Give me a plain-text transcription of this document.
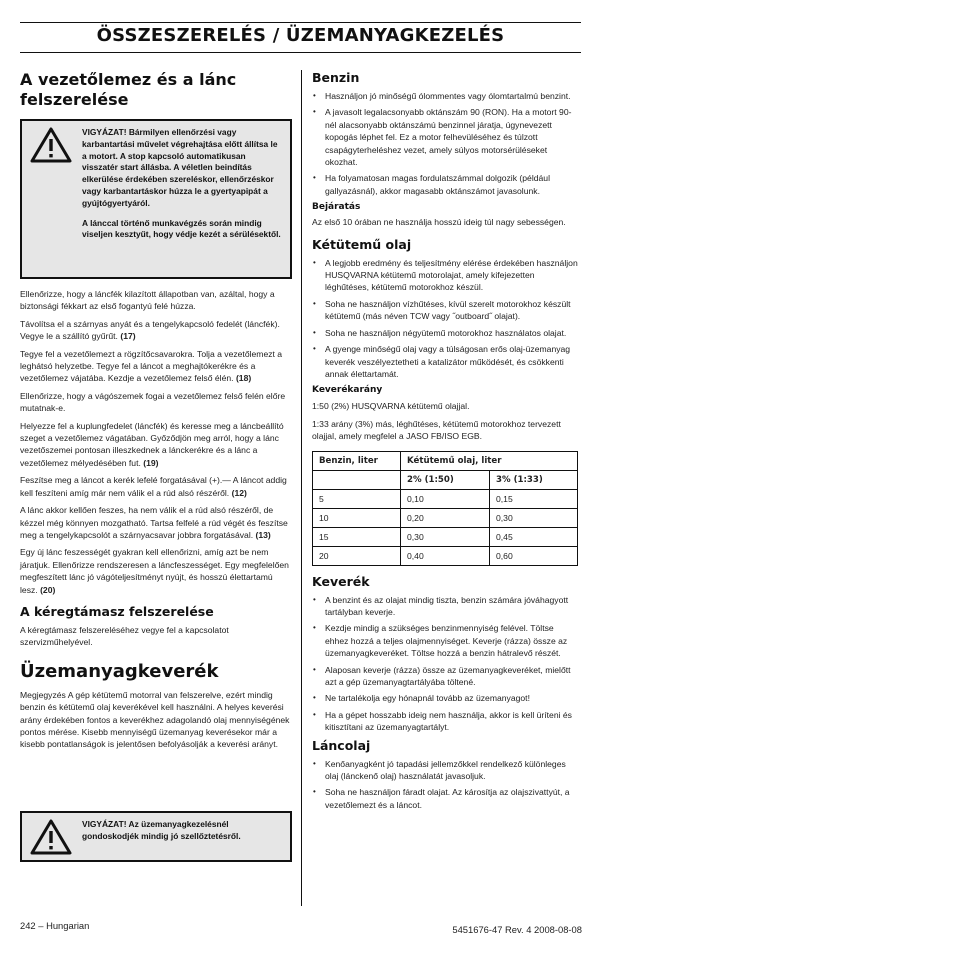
ÖSSZESZERELÉS / ÜZEMANYAGKEZELÉS
A vezetőlemez és a lánc felszerelése
VIGYÁZAT! Bármilyen ellenőrzési vagy karbantartási művelet végrehajtása előtt állítsa le a motort. A stop kapcsoló automatikusan visszatér start állásba. A véletlen beindítás elkerülése érdekében szereléskor, ellenőrzéskor vagy karbantartáskor húzza le a gyertyapipát a gyújtógyertyáról.
A lánccal történő munkavégzés során mindig viseljen kesztyűt, hogy védje kezét a sérülésektől.

Ellenőrizze, hogy a láncfék kilazított állapotban van, azáltal, hogy a biztonsági fékkart az első fogantyú felé húzza.

Távolítsa el a szárnyas anyát és a tengelykapcsoló fedelét (láncfék). Vegye le a szállító gyűrűt. (17)

Tegye fel a vezetőlemezt a rögzítőcsavarokra. Tolja a vezetőlemezt a leghátsó helyzetbe. Tegye fel a láncot a meghajtókerékre és a vezetőlemez vájatába. Kezdje a vezetőlemez felső élén. (18)

Ellenőrizze, hogy a vágószemek fogai a vezetőlemez felső felén előre mutatnak-e.

Helyezze fel a kuplungfedelet (láncfék) és keresse meg a láncbeállító szeget a vezetőlemez vágatában. Győződjön meg arról, hogy a lánc vezetőszemei pontosan illeszkednek a lánckerékre és a lánc a vezetőlemez mélyedésében fut. (19)

Feszítse meg a láncot a kerék lefelé forgatásával (+).— A láncot addig kell feszíteni amíg már nem válik el a rúd alsó részéről. (12)

A lánc akkor kellően feszes, ha nem válik el a rúd alsó részéről, de kézzel még könnyen mozgatható. Tartsa felfelé a rúd végét és feszítse meg a tengelykapcsolót a szárnyacsavar jobbra forgatásával. (13)

Egy új lánc feszességét gyakran kell ellenőrizni, amíg azt be nem járatjuk. Ellenőrizze rendszeresen a láncfeszességet. Egy megfelelően megfeszített lánc jó vágóteljesítményt nyújt, és hosszú élettartamú lesz. (20)

A kéregtámasz felszerelése

A kéregtámasz felszereléséhez vegye fel a kapcsolatot szervizműhelyével.

Üzemanyagkeverék

Megjegyzés A gép kétütemű motorral van felszerelve, ezért mindig benzin és kétütemű olaj keverékével kell használni. A helyes keverési arány érdekében fontos a keverékhez adagolandó olaj mennyiségének pontos mérése. Kisebb mennyiségű üzemanyag keverésekor már a kisebb pontatlanságok is jelentősen befolyásolják a keverési arányt.

VIGYÁZAT! Az üzemanyagkezelésnél gondoskodjék mindig jó szellőztetésről.
Benzin
• Használjon jó minőségű ólommentes vagy ólomtartalmú benzint.
• A javasolt legalacsonyabb oktánszám 90 (RON). Ha a motort 90-nél alacsonyabb oktánszámú benzinnel járatja, úgynevezett kopogás léphet fel. Ez a motor felhevüléséhez és túlzott csapágyterheléshez vezet, amely súlyos motorsérüléseket okozhat.
• Ha folyamatosan magas fordulatszámmal dolgozik (például gallyazásnál), akkor magasabb oktánszámot javasolunk.
Bejáratás

Az első 10 órában ne használja hosszú ideig túl nagy sebességen.

Kétütemű olaj
• A legjobb eredmény és teljesítmény elérése érdekében használjon HUSQVARNA kétütemű motorolajat, amely kifejezetten léghűtéses, kétütemű motorokhoz készül.
• Soha ne használjon vízhűtéses, kívül szerelt motorokhoz készült kétütemű (más néven TCW vagy ˝outboard˝ olajat).
• Soha ne használjon négyütemű motorokhoz használatos olajat.
• A gyenge minőségű olaj vagy a túlságosan erős olaj-üzemanyag keverék veszélyeztetheti a katalizátor működését, és csökkenti annak élettartamát.
Keverékarány

1:50 (2%) HUSQVARNA kétütemű olajjal.

1:33 arány (3%) más, léghűtéses, kétütemű motorokhoz tervezett olajjal, amely megfelel a JASO FB/ISO EGB.

Benzin, liter	Kétütemű olaj, liter	
	2% (1:50)	3% (1:33)
5	0,10	0,15
10	0,20	0,30
15	0,30	0,45
20	0,40	0,60
Keverék
• A benzint és az olajat mindig tiszta, benzin számára jóváhagyott tartályban keverje.
• Kezdje mindig a szükséges benzinmennyiség felével. Töltse ehhez hozzá a teljes olajmennyiséget. Keverje (rázza) össze az üzemanyagkeveréket. Töltse hozzá a benzin hátralevő részét.
• Alaposan keverje (rázza) össze az üzemanyagkeveréket, mielőtt azt a gép üzemanyagtartályába töltené.
• Ne tartalékolja egy hónapnál tovább az üzemanyagot!
• Ha a gépet hosszabb ideig nem használja, akkor is kell üríteni és kitisztítani az üzemanyagtartályt.
Láncolaj
• Kenőanyagként jó tapadási jellemzőkkel rendelkező különleges olaj (lánckenő olaj) használatát javasoljuk.
• Soha ne használjon fáradt olajat. Az károsítja az olajszivattyút, a vezetőlemezt és a láncot.
242 – Hungarian	5451676-47 Rev. 4 2008-08-08
